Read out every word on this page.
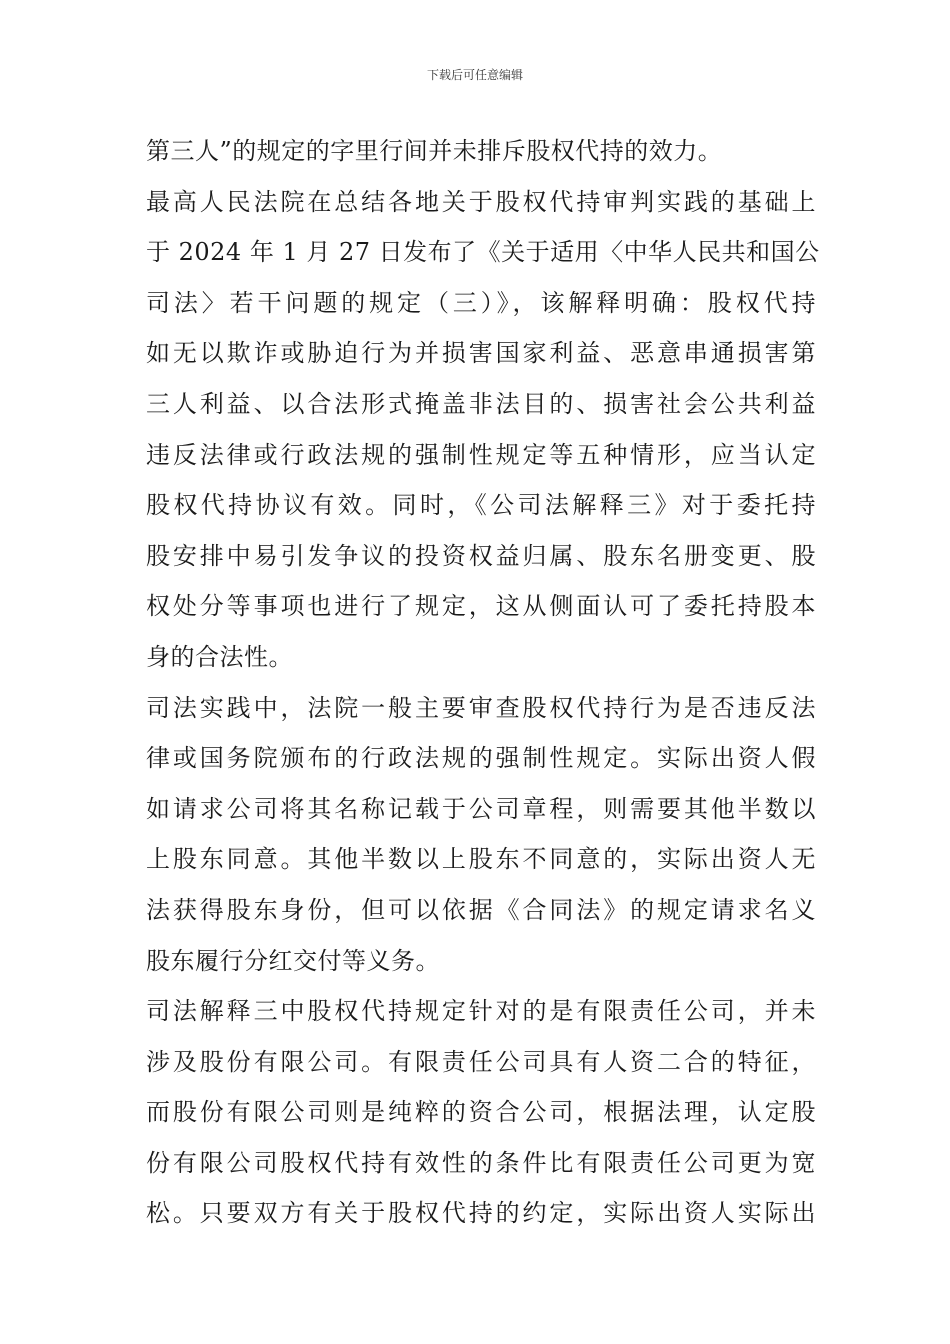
下载后可任意编辑
第三人”的规定的字里行间并未排斥股权代持的效力。
最高人民法院在总结各地关于股权代持审判实践的基础上
于 2024 年 1 月 27 日发布了《关于适用〈中华人民共和国公
司法〉若干问题的规定（三）》，该解释明确：股权代持
如无以欺诈或胁迫行为并损害国家利益、恶意串通损害第
三人利益、以合法形式掩盖非法目的、损害社会公共利益
违反法律或行政法规的强制性规定等五种情形，应当认定
股权代持协议有效。同时，《公司法解释三》对于委托持
股安排中易引发争议的投资权益归属、股东名册变更、股
权处分等事项也进行了规定，这从侧面认可了委托持股本
身的合法性。
司法实践中，法院一般主要审查股权代持行为是否违反法
律或国务院颁布的行政法规的强制性规定。实际出资人假
如请求公司将其名称记载于公司章程，则需要其他半数以
上股东同意。其他半数以上股东不同意的，实际出资人无
法获得股东身份，但可以依据《合同法》的规定请求名义
股东履行分红交付等义务。
司法解释三中股权代持规定针对的是有限责任公司，并未
涉及股份有限公司。有限责任公司具有人资二合的特征，
而股份有限公司则是纯粹的资合公司，根据法理，认定股
份有限公司股权代持有效性的条件比有限责任公司更为宽
松。只要双方有关于股权代持的约定，实际出资人实际出
